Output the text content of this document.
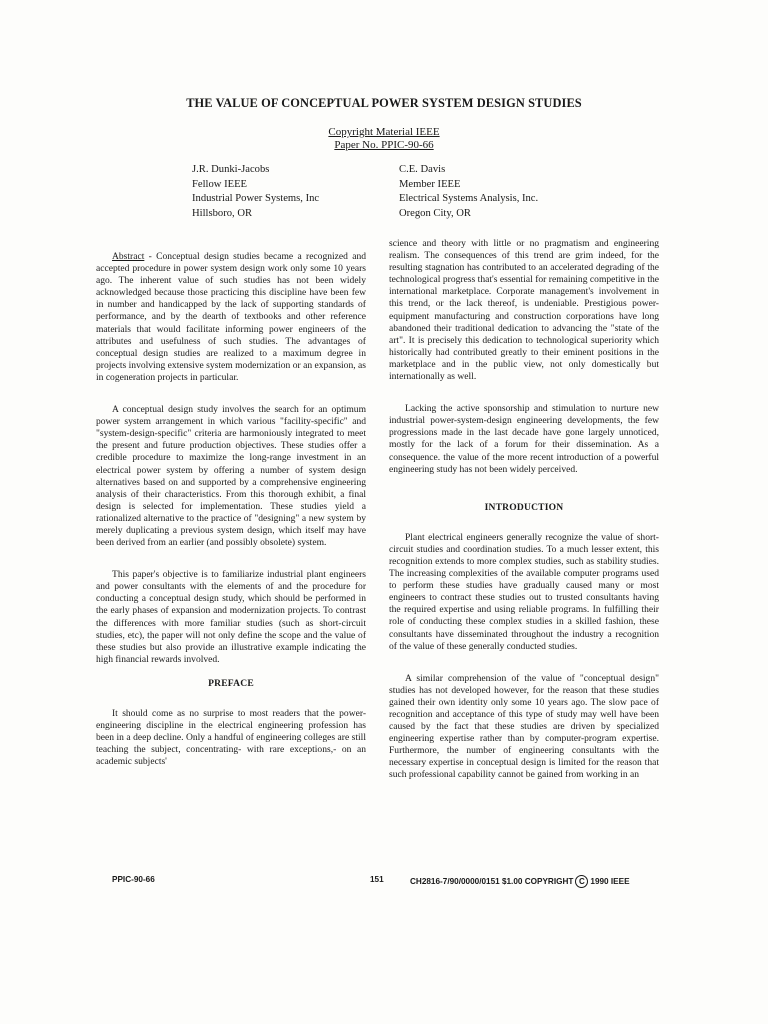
THE VALUE OF CONCEPTUAL POWER SYSTEM DESIGN STUDIES
Copyright Material IEEE
Paper No. PPIC-90-66
J.R. Dunki-Jacobs
Fellow IEEE
Industrial Power Systems, Inc
Hillsboro, OR
C.E. Davis
Member IEEE
Electrical Systems Analysis, Inc.
Oregon City, OR

Abstract - Conceptual design studies became a recognized and accepted procedure in power system design work only some 10 years ago. The inherent value of such studies has not been widely acknowledged because those practicing this discipline have been few in number and handicapped by the lack of supporting standards of performance, and by the dearth of textbooks and other reference materials that would facilitate informing power engineers of the attributes and usefulness of such studies. The advantages of conceptual design studies are realized to a maximum degree in projects involving extensive system modernization or an expansion, as in cogeneration projects in particular.

A conceptual design study involves the search for an optimum power system arrangement in which various "facility-specific" and "system-design-specific" criteria are harmoniously integrated to meet the present and future production objectives. These studies offer a credible procedure to maximize the long-range investment in an electrical power system by offering a number of system design alternatives based on and supported by a comprehensive engineering analysis of their characteristics. From this thorough exhibit, a final design is selected for implementation. These studies yield a rationalized alternative to the practice of "designing" a new system by merely duplicating a previous system design, which itself may have been derived from an earlier (and possibly obsolete) system.

This paper's objective is to familiarize industrial plant engineers and power consultants with the elements of and the procedure for conducting a conceptual design study, which should be performed in the early phases of expansion and modernization projects. To contrast the differences with more familiar studies (such as short-circuit studies, etc), the paper will not only define the scope and the value of these studies but also provide an illustrative example indicating the high financial rewards involved.

PREFACE

It should come as no surprise to most readers that the power-engineering discipline in the electrical engineering profession has been in a deep decline. Only a handful of engineering colleges are still teaching the subject, concentrating- with rare exceptions,- on an academic subjects'

science and theory with little or no pragmatism and engineering realism. The consequences of this trend are grim indeed, for the resulting stagnation has contributed to an accelerated degrading of the technological progress that's essential for remaining competitive in the international marketplace. Corporate management's involvement in this trend, or the lack thereof, is undeniable. Prestigious power-equipment manufacturing and construction corporations have long abandoned their traditional dedication to advancing the "state of the art". It is precisely this dedication to technological superiority which historically had contributed greatly to their eminent positions in the marketplace and in the public view, not only domestically but internationally as well.

Lacking the active sponsorship and stimulation to nurture new industrial power-system-design engineering developments, the few progressions made in the last decade have gone largely unnoticed, mostly for the lack of a forum for their dissemination. As a consequence. the value of the more recent introduction of a powerful engineering study has not been widely perceived.

INTRODUCTION

Plant electrical engineers generally recognize the value of short-circuit studies and coordination studies. To a much lesser extent, this recognition extends to more complex studies, such as stability studies. The increasing complexities of the available computer programs used to perform these studies have gradually caused many or most engineers to contract these studies out to trusted consultants having the required expertise and using reliable programs. In fulfilling their role of conducting these complex studies in a skilled fashion, these consultants have disseminated throughout the industry a recognition of the value of these generally conducted studies.

A similar comprehension of the value of "conceptual design" studies has not developed however, for the reason that these studies gained their own identity only some 10 years ago. The slow pace of recognition and acceptance of this type of study may well have been caused by the fact that these studies are driven by specialized engineering expertise rather than by computer-program expertise. Furthermore, the number of engineering consultants with the necessary expertise in conceptual design is limited for the reason that such professional capability cannot be gained from working in an

PPIC-90-66	151	CH2816-7/90/0000/0151 $1.00 COPYRIGHT C 1990 IEEE
